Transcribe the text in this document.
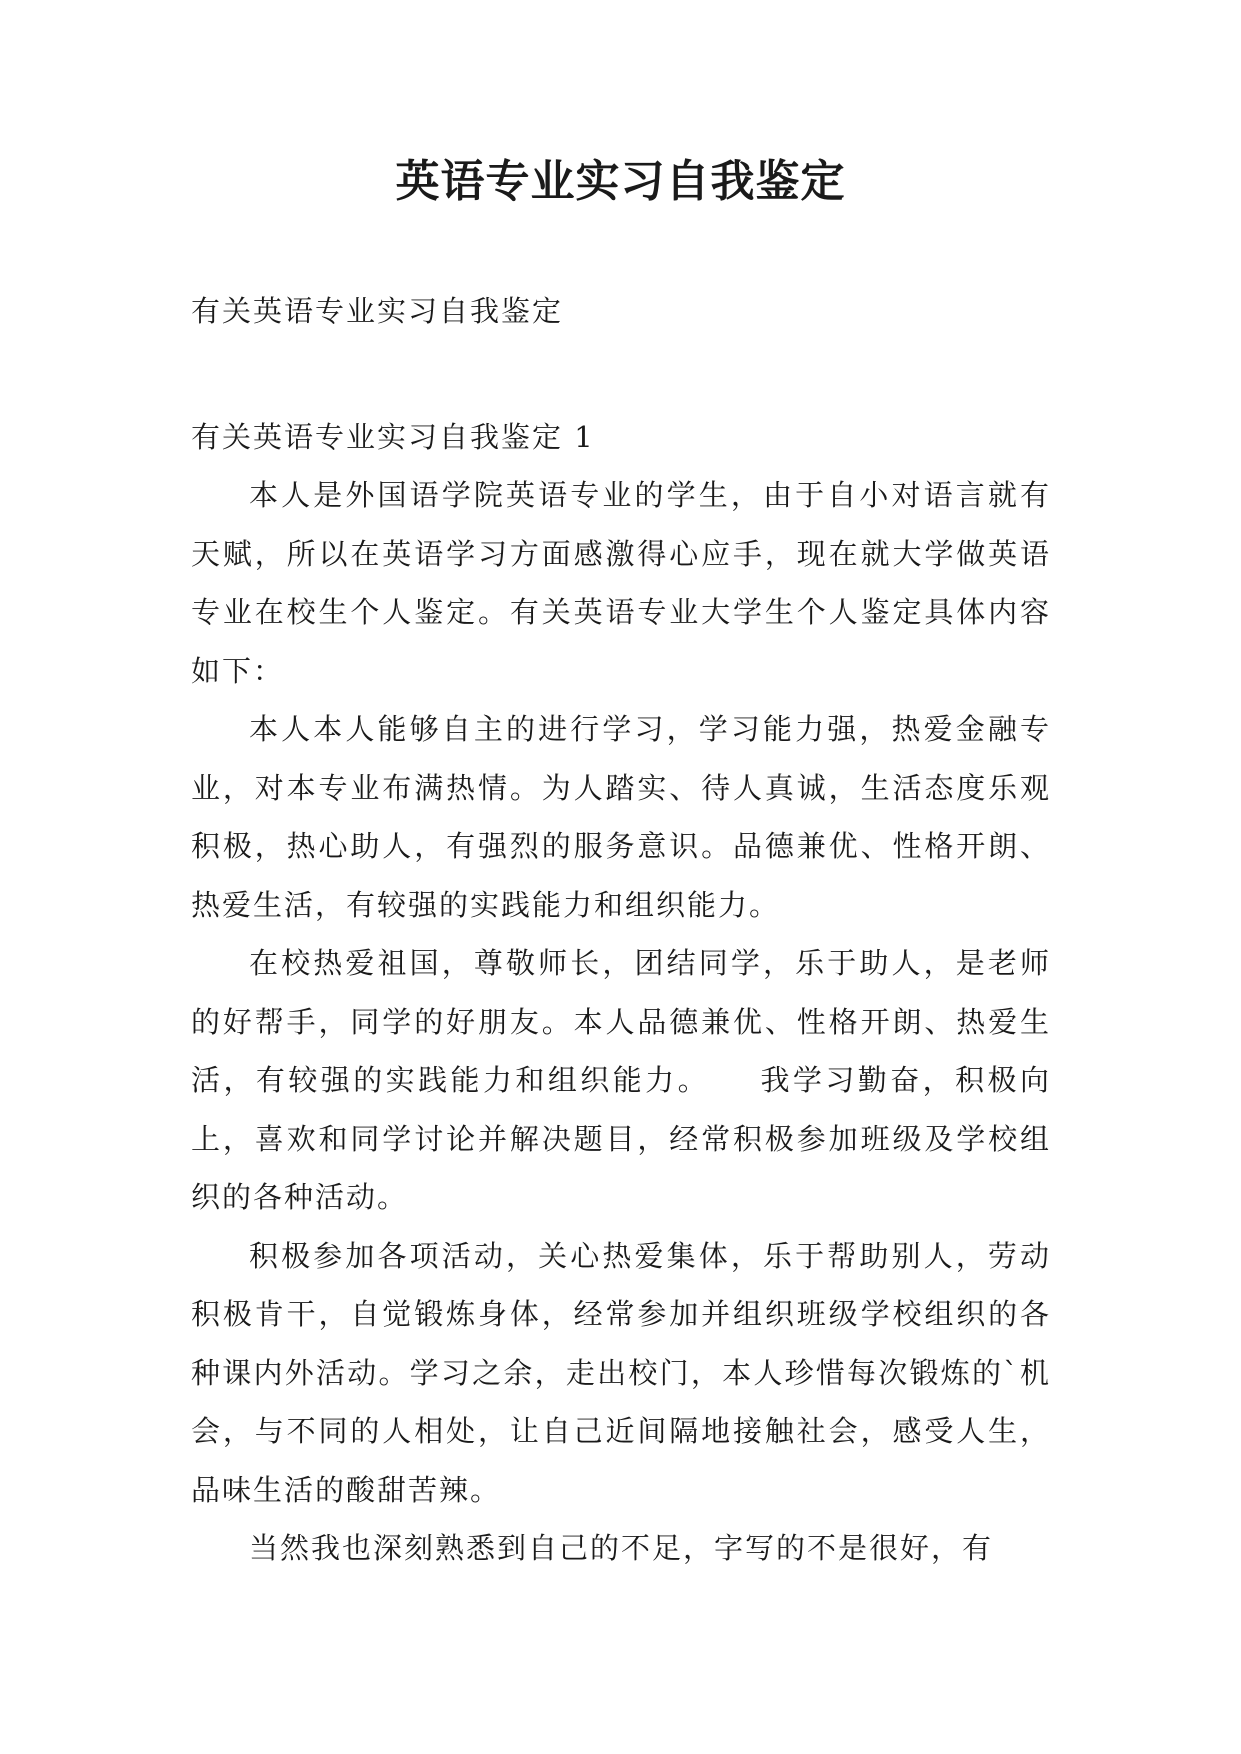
英语专业实习自我鉴定

有关英语专业实习自我鉴定

有关英语专业实习自我鉴定 1

本人是外国语学院英语专业的学生，由于自小对语言就有天赋，所以在英语学习方面感激得心应手，现在就大学做英语专业在校生个人鉴定。有关英语专业大学生个人鉴定具体内容如下：

本人本人能够自主的进行学习，学习能力强，热爱金融专业，对本专业布满热情。为人踏实、待人真诚，生活态度乐观积极，热心助人，有强烈的服务意识。品德兼优、性格开朗、热爱生活，有较强的实践能力和组织能力。

在校热爱祖国，尊敬师长，团结同学，乐于助人，是老师的好帮手，同学的好朋友。本人品德兼优、性格开朗、热爱生活，有较强的实践能力和组织能力。　　我学习勤奋，积极向上，喜欢和同学讨论并解决题目，经常积极参加班级及学校组织的各种活动。

积极参加各项活动，关心热爱集体，乐于帮助别人，劳动积极肯干，自觉锻炼身体，经常参加并组织班级学校组织的各种课内外活动。学习之余，走出校门，本人珍惜每次锻炼的`机会，与不同的人相处，让自己近间隔地接触社会，感受人生，品味生活的酸甜苦辣。

当然我也深刻熟悉到自己的不足，字写的不是很好，有
